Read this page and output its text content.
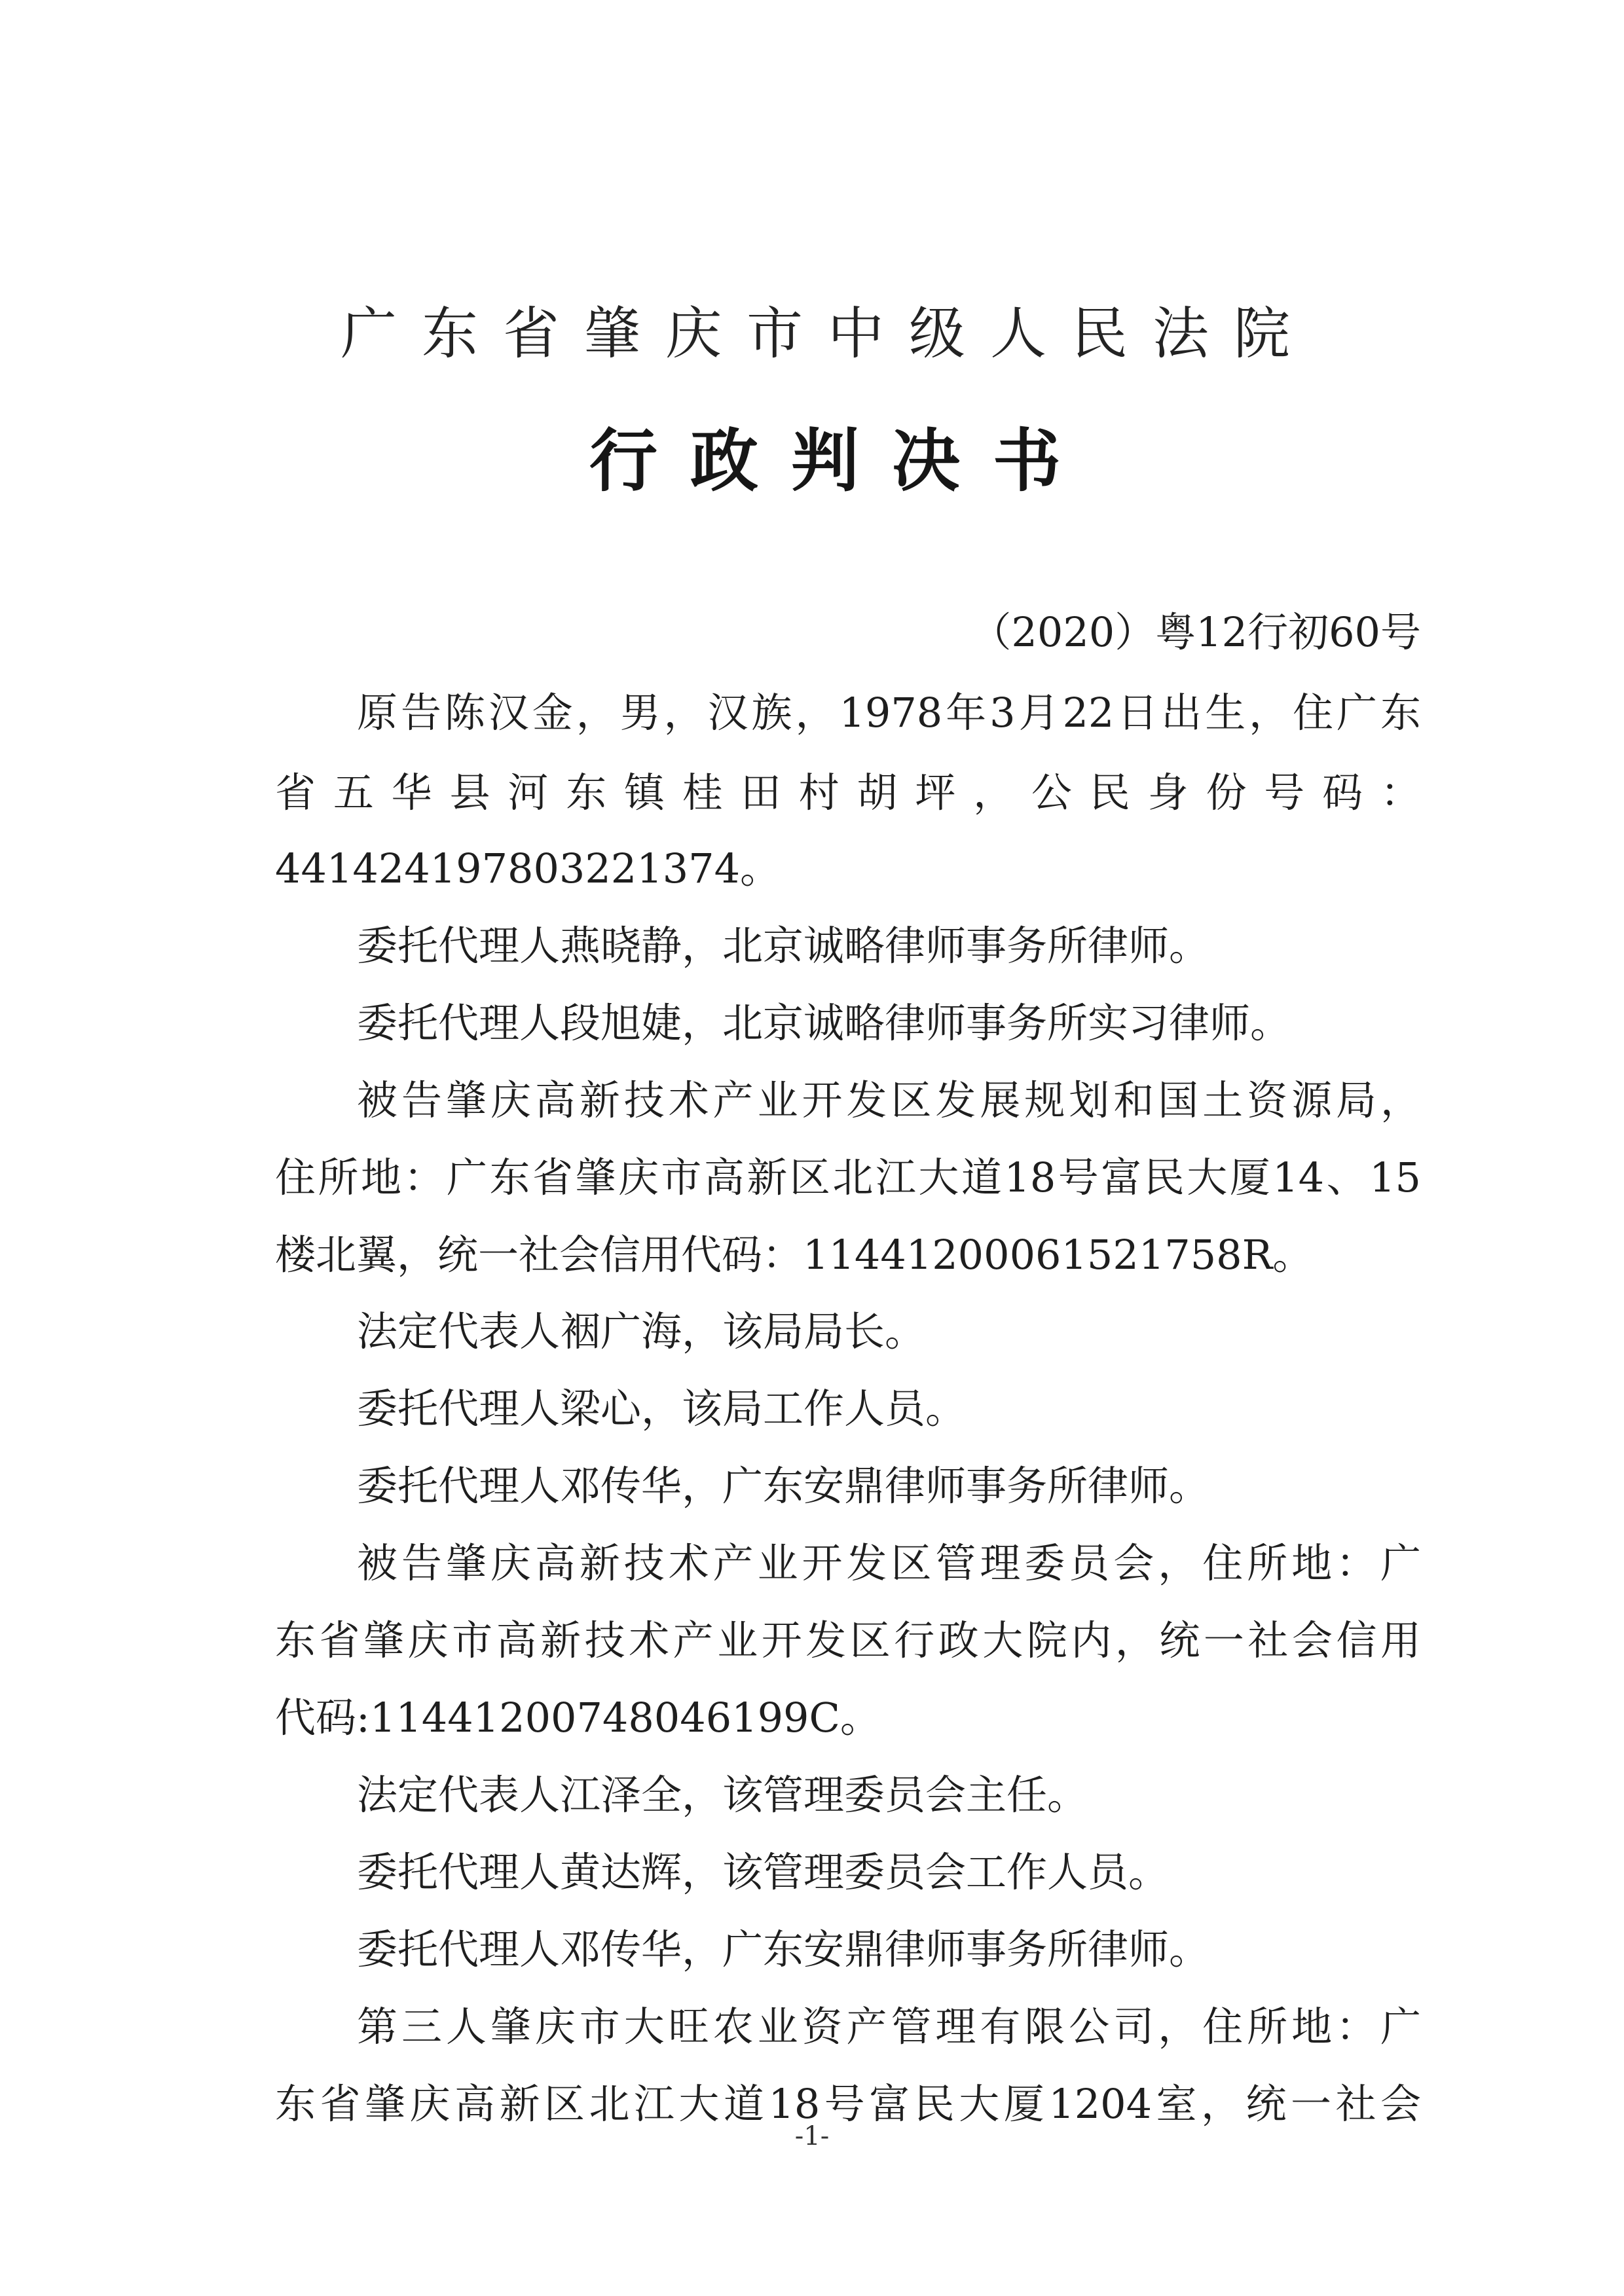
广东省肇庆市中级人民法院
行政判决书
（2020）粤12行初60号
原告陈汉金，男，汉族，1978年3月22日出生，住广东
省五华县河东镇桂田村胡坪，公民身份号码：
441424197803221374。
委托代理人燕晓静，北京诚略律师事务所律师。
委托代理人段旭婕，北京诚略律师事务所实习律师。
被告肇庆高新技术产业开发区发展规划和国土资源局，
住所地：广东省肇庆市高新区北江大道18号富民大厦14、15
楼北翼，统一社会信用代码：11441200061521758R。
法定代表人裀广海，该局局长。
委托代理人梁心，该局工作人员。
委托代理人邓传华，广东安鼎律师事务所律师。
被告肇庆高新技术产业开发区管理委员会，住所地：广
东省肇庆市高新技术产业开发区行政大院内，统一社会信用
代码:11441200748046199C。
法定代表人江泽全，该管理委员会主任。
委托代理人黄达辉，该管理委员会工作人员。
委托代理人邓传华，广东安鼎律师事务所律师。
第三人肇庆市大旺农业资产管理有限公司，住所地：广
东省肇庆高新区北江大道18号富民大厦1204室，统一社会
-1-
